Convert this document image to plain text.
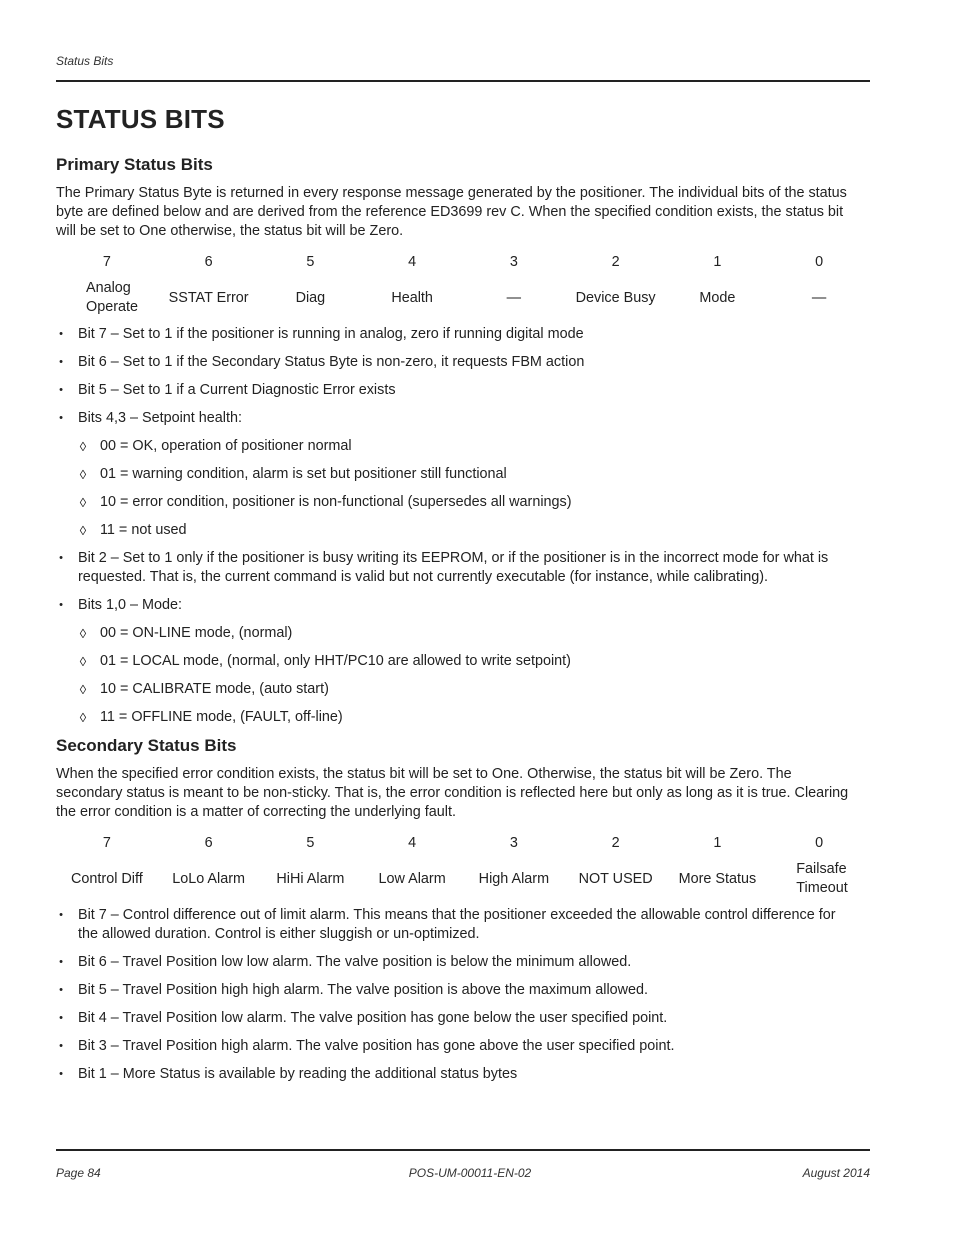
Status Bits
STATUS BITS
Primary Status Bits

The Primary Status Byte is returned in every response message generated by the positioner. The individual bits of the status byte are defined below and are derived from the reference ED3699 rev C. When the specified condition exists, the status bit will be set to One otherwise, the status bit will be Zero.

7	6	5	4	3	2	1	0
Analog Operate	SSTAT Error	Diag	Health	—	Device Busy	Mode	—
• Bit 7 – Set to 1 if the positioner is running in analog, zero if running digital mode
• Bit 6 – Set to 1 if the Secondary Status Byte is non-zero, it requests FBM action
• Bit 5 – Set to 1 if a Current Diagnostic Error exists
• Bits 4,3 – Setpoint health:
◊ 00 = OK, operation of positioner normal
◊ 01 = warning condition, alarm is set but positioner still functional
◊ 10 = error condition, positioner is non-functional (supersedes all warnings)
◊ 11 = not used
• Bit 2 – Set to 1 only if the positioner is busy writing its EEPROM, or if the positioner is in the incorrect mode for what is requested. That is, the current command is valid but not currently executable (for instance, while calibrating).
• Bits 1,0 – Mode:
◊ 00 = ON-LINE mode, (normal)
◊ 01 = LOCAL mode, (normal, only HHT/PC10 are allowed to write setpoint)
◊ 10 = CALIBRATE mode, (auto start)
◊ 11 = OFFLINE mode, (FAULT, off-line)
Secondary Status Bits

When the specified error condition exists, the status bit will be set to One. Otherwise, the status bit will be Zero. The secondary status is meant to be non-sticky. That is, the error condition is reflected here but only as long as it is true. Clearing the error condition is a matter of correcting the underlying fault.

7	6	5	4	3	2	1	0
Control Diff	LoLo Alarm	HiHi Alarm	Low Alarm	High Alarm	NOT USED	More Status	Failsafe Timeout
• Bit 7 – Control difference out of limit alarm. This means that the positioner exceeded the allowable control difference for the allowed duration. Control is either sluggish or un-optimized.
• Bit 6 – Travel Position low low alarm. The valve position is below the minimum allowed.
• Bit 5 – Travel Position high high alarm. The valve position is above the maximum allowed.
• Bit 4 – Travel Position low alarm. The valve position has gone below the user specified point.
• Bit 3 – Travel Position high alarm. The valve position has gone above the user specified point.
• Bit 1 – More Status is available by reading the additional status bytes
Page 84	POS-UM-00011-EN-02	August 2014
